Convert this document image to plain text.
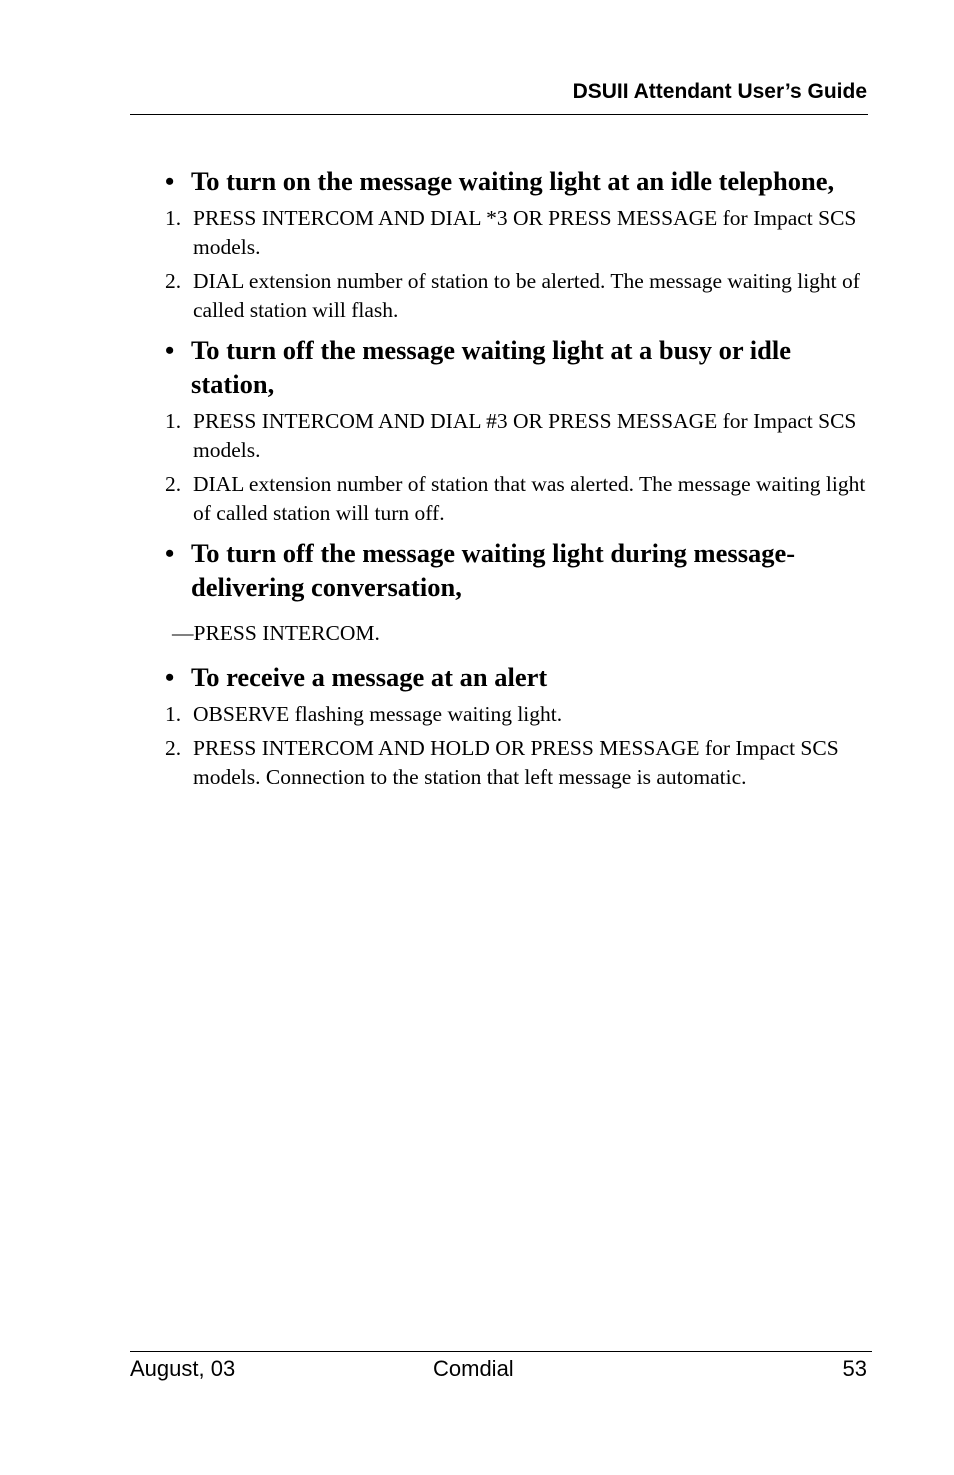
DSUII Attendant User’s Guide
• To turn on the message waiting light at an idle telephone,
1. PRESS INTERCOM AND DIAL *3 OR PRESS MESSAGE for Impact SCS models.
2. DIAL extension number of station to be alerted. The message waiting light of called station will flash.
• To turn off the message waiting light at a busy or idle station,
1. PRESS INTERCOM AND DIAL #3 OR PRESS MESSAGE for Impact SCS models.
2. DIAL extension number of station that was alerted. The message waiting light of called station will turn off.
• To turn off the message waiting light during message-delivering conversation,
—PRESS INTERCOM.
• To receive a message at an alert
1. OBSERVE flashing message waiting light.
2. PRESS INTERCOM AND HOLD OR PRESS MESSAGE for Impact SCS models. Connection to the station that left message is automatic.
August, 03	Comdial	53
